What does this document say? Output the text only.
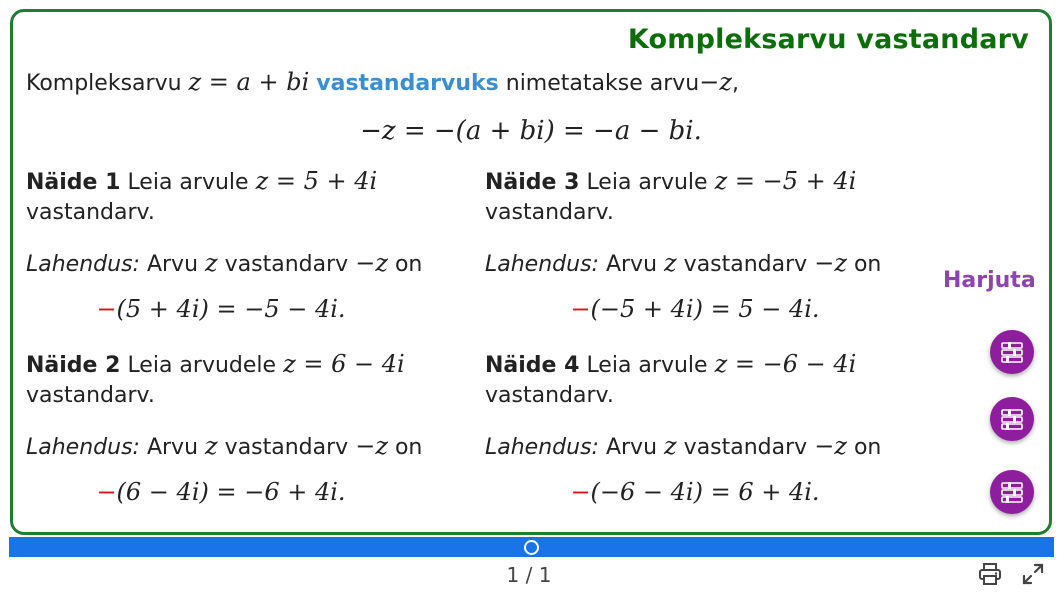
Kompleksarvu vastandarv
Kompleksarvu z = a + bi vastandarvuks nimetatakse arvu−z,
−z = −(a + bi) = −a − bi.
Näide 1 Leia arvule z = 5 + 4i
vastandarv.
Lahendus: Arvu z vastandarv −z on
−(5 + 4i) = −5 − 4i.
Näide 2 Leia arvudele z = 6 − 4i
vastandarv.
Lahendus: Arvu z vastandarv −z on
−(6 − 4i) = −6 + 4i.
Näide 3 Leia arvule z = −5 + 4i
vastandarv.
Lahendus: Arvu z vastandarv −z on
−(−5 + 4i) = 5 − 4i.
Näide 4 Leia arvule z = −6 − 4i
vastandarv.
Lahendus: Arvu z vastandarv −z on
−(−6 − 4i) = 6 + 4i.
Harjuta
1 / 1
